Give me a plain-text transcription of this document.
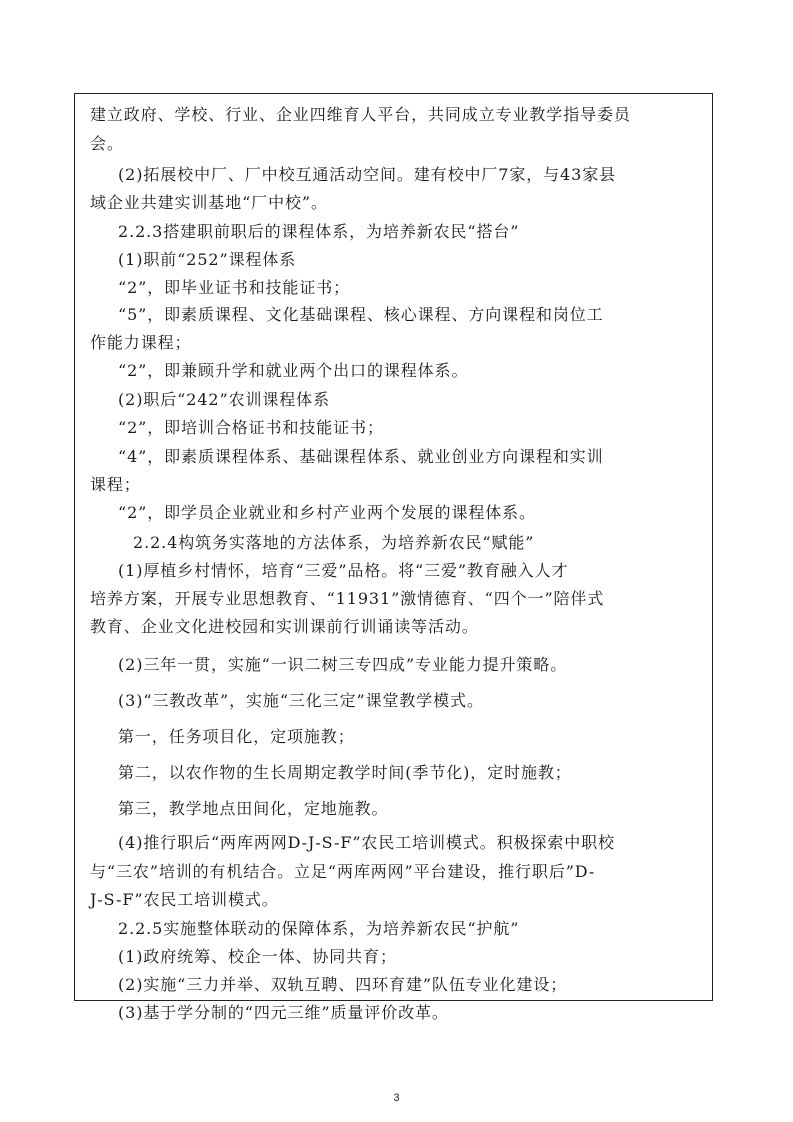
建立政府、学校、行业、企业四维育人平台，共同成立专业教学指导委员
会。
(2)拓展校中厂、厂中校互通活动空间。建有校中厂7家，与43家县
域企业共建实训基地“厂中校”。
2.2.3搭建职前职后的课程体系，为培养新农民“搭台”
(1)职前“252”课程体系
“2”，即毕业证书和技能证书；
“5”，即素质课程、文化基础课程、核心课程、方向课程和岗位工
作能力课程；
“2”，即兼顾升学和就业两个出口的课程体系。
(2)职后“242”农训课程体系
“2”，即培训合格证书和技能证书；
“4”，即素质课程体系、基础课程体系、就业创业方向课程和实训
课程；
“2”，即学员企业就业和乡村产业两个发展的课程体系。
2.2.4构筑务实落地的方法体系，为培养新农民“赋能”
(1)厚植乡村情怀，培育“三爱”品格。将“三爱”教育融入人才
培养方案，开展专业思想教育、“11931”激情德育、“四个一”陪伴式
教育、企业文化进校园和实训课前行训诵读等活动。
(2)三年一贯，实施“一识二树三专四成”专业能力提升策略。
(3)“三教改革”，实施“三化三定”课堂教学模式。
第一，任务项目化，定项施教；
第二，以农作物的生长周期定教学时间(季节化)，定时施教；
第三，教学地点田间化，定地施教。
(4)推行职后“两库两网D-J-S-F”农民工培训模式。积极探索中职校
与“三农”培训的有机结合。立足“两库两网”平台建设，推行职后”D-
J-S-F”农民工培训模式。
2.2.5实施整体联动的保障体系，为培养新农民“护航”
(1)政府统筹、校企一体、协同共育；
(2)实施“三力并举、双轨互聘、四环育建”队伍专业化建设；
(3)基于学分制的“四元三维”质量评价改革。
3
